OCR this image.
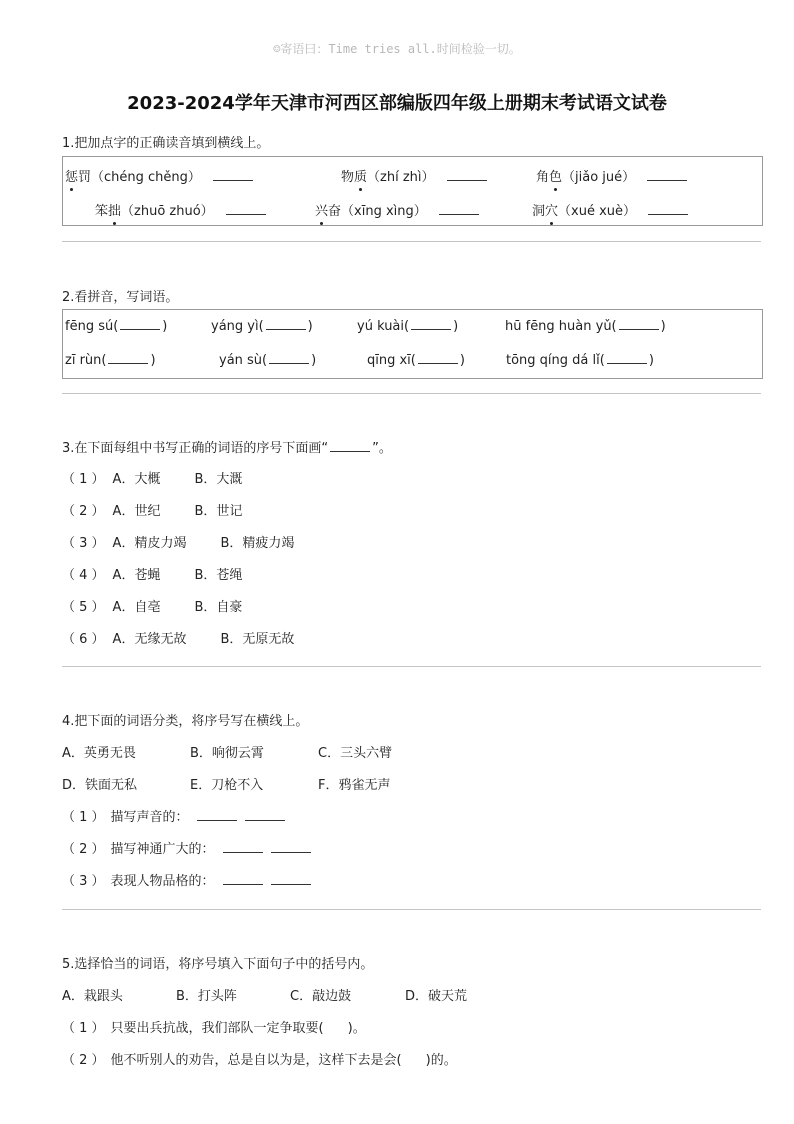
☺寄语曰：Time tries all.时间检验一切。
2023-2024学年天津市河西区部编版四年级上册期末考试语文试卷
1.把加点字的正确读音填到横线上。
惩罚（chéng chěng）	物质（zhí zhì）	角色（jiǎo jué）
笨拙（zhuō zhuó）	兴奋（xīng xìng）	洞穴（xué xuè）
2.看拼音，写词语。
fēng sú(	)	yáng yì(	)	yú kuài(	)	hū fēng huàn yǔ(	)
zī rùn(	)	yán sù(	)	qīng xī(	)	tōng qíng dá lǐ(	)
3.在下面每组中书写正确的词语的序号下面画“	”。
（ 1 ） A．大概	B．大溉
（ 2 ） A．世纪	B．世记
（ 3 ） A．精皮力竭	B．精疲力竭
（ 4 ） A．苍蝇	B．苍绳
（ 5 ） A．自亳	B．自豪
（ 6 ） A．无缘无故	B．无原无故
4.把下面的词语分类，将序号写在横线上。
A．英勇无畏	B．响彻云霄	C．三头六臂
D．铁面无私	E．刀枪不入	F．鸦雀无声
（ 1 ） 描写声音的：
（ 2 ） 描写神通广大的：
（ 3 ） 表现人物品格的：
5.选择恰当的词语，将序号填入下面句子中的括号内。
A．栽跟头	B．打头阵	C．敲边鼓	D．破天荒
（ 1 ） 只要出兵抗战，我们部队一定争取要( )。
（ 2 ） 他不听别人的劝告，总是自以为是，这样下去是会( )的。
